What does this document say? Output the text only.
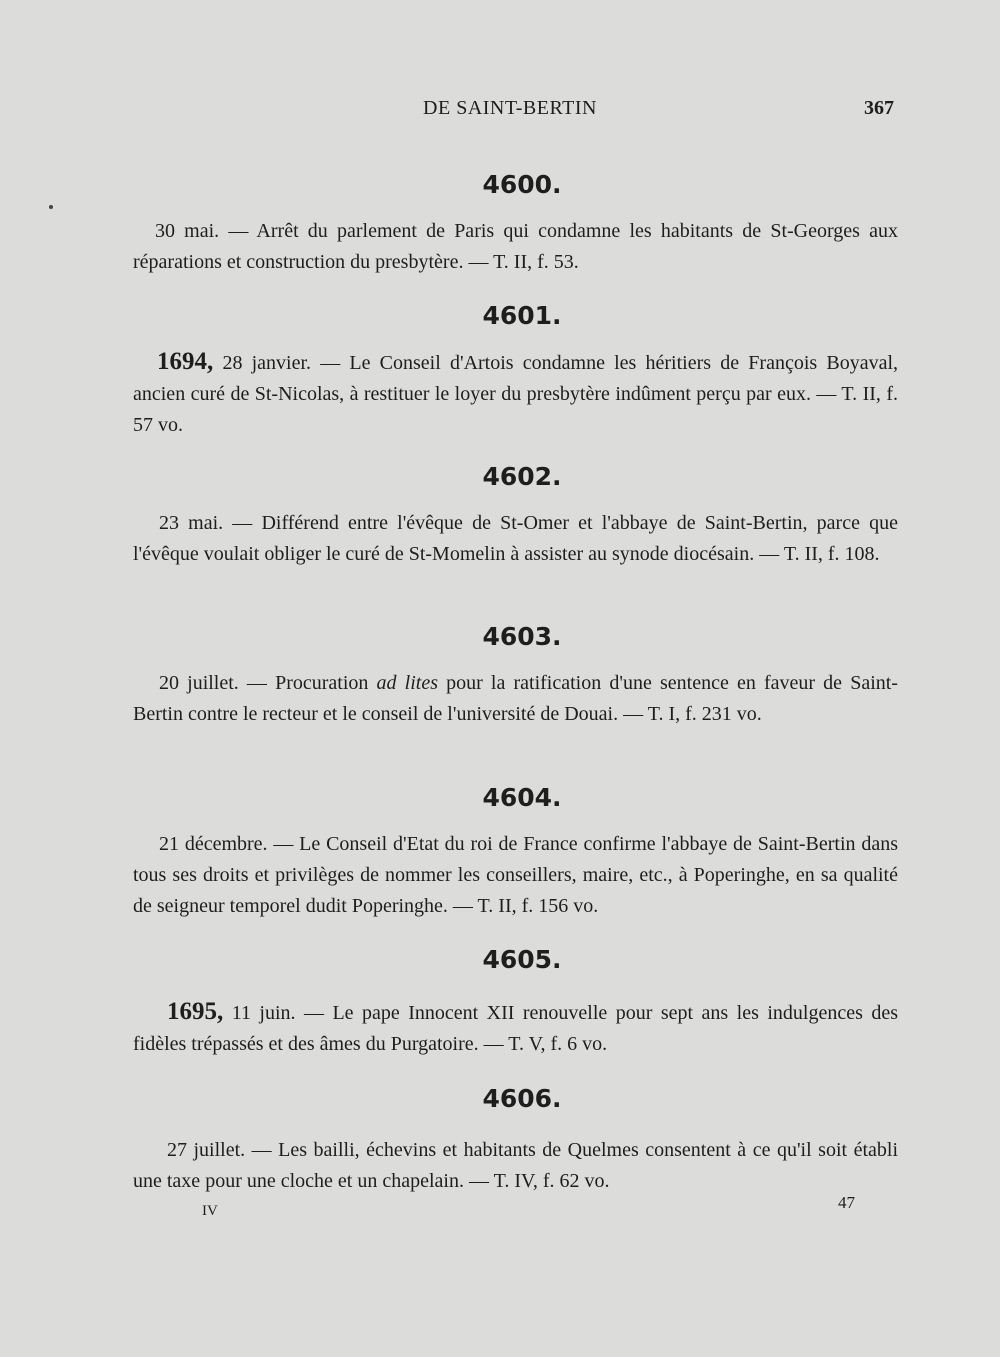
DE SAINT-BERTIN	367
4600.
30 mai. — Arrêt du parlement de Paris qui condamne les habitants de St-Georges aux réparations et construction du presbytère. — T. II, f. 53.
4601.
1694, 28 janvier. — Le Conseil d'Artois condamne les héritiers de François Boyaval, ancien curé de St-Nicolas, à restituer le loyer du presbytère indûment perçu par eux. — T. II, f. 57 vo.
4602.
23 mai. — Différend entre l'évêque de St-Omer et l'abbaye de Saint-Bertin, parce que l'évêque voulait obliger le curé de St-Momelin à assister au synode diocésain. — T. II, f. 108.
4603.
20 juillet. — Procuration ad lites pour la ratification d'une sentence en faveur de Saint-Bertin contre le recteur et le conseil de l'université de Douai. — T. I, f. 231 vo.
4604.
21 décembre. — Le Conseil d'Etat du roi de France confirme l'abbaye de Saint-Bertin dans tous ses droits et privilèges de nommer les conseillers, maire, etc., à Poperinghe, en sa qualité de seigneur temporel dudit Poperinghe. — T. II, f. 156 vo.
4605.
1695, 11 juin. — Le pape Innocent XII renouvelle pour sept ans les indulgences des fidèles trépassés et des âmes du Purgatoire. — T. V, f. 6 vo.
4606.
27 juillet. — Les bailli, échevins et habitants de Quelmes consentent à ce qu'il soit établi une taxe pour une cloche et un chapelain. — T. IV, f. 62 vo.
IV	47
